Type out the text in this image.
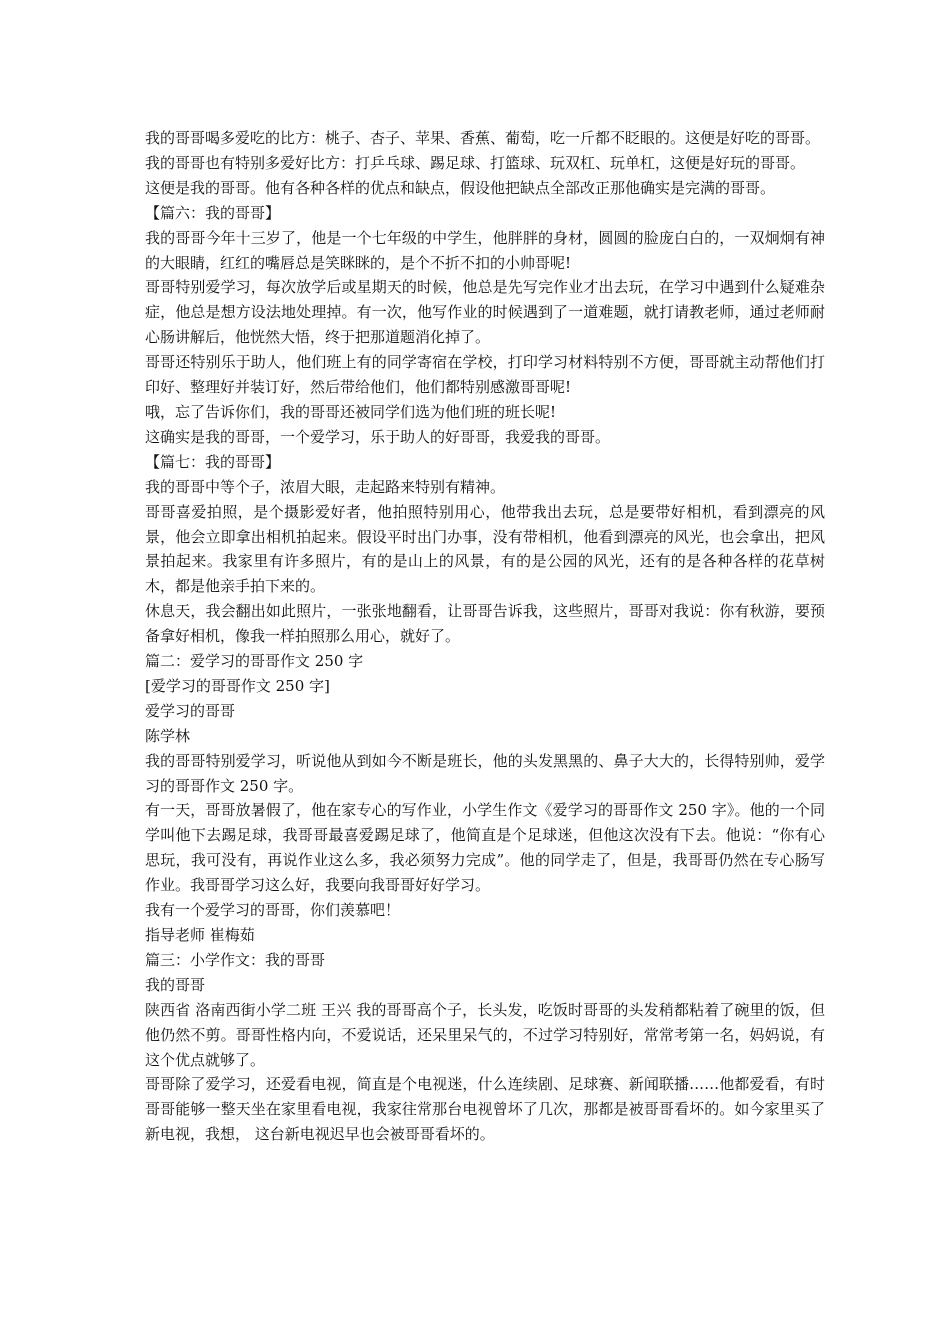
我的哥哥喝多爱吃的比方：桃子、杏子、苹果、香蕉、葡萄，吃一斤都不眨眼的。这便是好吃的哥哥。

我的哥哥也有特别多爱好比方：打乒乓球、踢足球、打篮球、玩双杠、玩单杠，这便是好玩的哥哥。

这便是我的哥哥。他有各种各样的优点和缺点，假设他把缺点全部改正那他确实是完满的哥哥。

【篇六：我的哥哥】

我的哥哥今年十三岁了，他是一个七年级的中学生，他胖胖的身材，圆圆的脸庞白白的，一双炯炯有神的大眼睛，红红的嘴唇总是笑眯眯的，是个不折不扣的小帅哥呢!

哥哥特别爱学习，每次放学后或星期天的时候，他总是先写完作业才出去玩，在学习中遇到什么疑难杂症，他总是想方设法地处理掉。有一次，他写作业的时候遇到了一道难题，就打请教老师，通过老师耐心肠讲解后，他恍然大悟，终于把那道题消化掉了。

哥哥还特别乐于助人，他们班上有的同学寄宿在学校，打印学习材料特别不方便，哥哥就主动帮他们打印好、整理好并装订好，然后带给他们，他们都特别感激哥哥呢!

哦，忘了告诉你们，我的哥哥还被同学们选为他们班的班长呢!

这确实是我的哥哥，一个爱学习，乐于助人的好哥哥，我爱我的哥哥。

【篇七：我的哥哥】

我的哥哥中等个子，浓眉大眼，走起路来特别有精神。

哥哥喜爱拍照，是个摄影爱好者，他拍照特别用心，他带我出去玩，总是要带好相机，看到漂亮的风景，他会立即拿出相机拍起来。假设平时出门办事，没有带相机，他看到漂亮的风光，也会拿出，把风景拍起来。我家里有许多照片，有的是山上的风景，有的是公园的风光，还有的是各种各样的花草树木，都是他亲手拍下来的。

休息天，我会翻出如此照片，一张张地翻看，让哥哥告诉我，这些照片，哥哥对我说：你有秋游，要预备拿好相机，像我一样拍照那么用心，就好了。

篇二：爱学习的哥哥作文 250 字

[爱学习的哥哥作文 250 字]

爱学习的哥哥

陈学林

我的哥哥特别爱学习，听说他从到如今不断是班长，他的头发黑黑的、鼻子大大的，长得特别帅，爱学习的哥哥作文 250 字。

有一天，哥哥放暑假了，他在家专心的写作业，小学生作文《爱学习的哥哥作文 250 字》。他的一个同学叫他下去踢足球，我哥哥最喜爱踢足球了，他简直是个足球迷，但他这次没有下去。他说：“你有心思玩，我可没有，再说作业这么多，我必须努力完成”。他的同学走了，但是，我哥哥仍然在专心肠写作业。我哥哥学习这么好，我要向我哥哥好好学习。

我有一个爱学习的哥哥，你们羡慕吧！

指导老师 崔梅茹

篇三：小学作文：我的哥哥

我的哥哥

陕西省 洛南西街小学二班 王兴 我的哥哥高个子，长头发，吃饭时哥哥的头发稍都粘着了碗里的饭，但他仍然不剪。哥哥性格内向，不爱说话，还呆里呆气的，不过学习特别好，常常考第一名，妈妈说，有这个优点就够了。

哥哥除了爱学习，还爱看电视，简直是个电视迷，什么连续剧、足球赛、新闻联播……他都爱看，有时哥哥能够一整天坐在家里看电视，我家往常那台电视曾坏了几次，那都是被哥哥看坏的。如今家里买了新电视，我想， 这台新电视迟早也会被哥哥看坏的。
